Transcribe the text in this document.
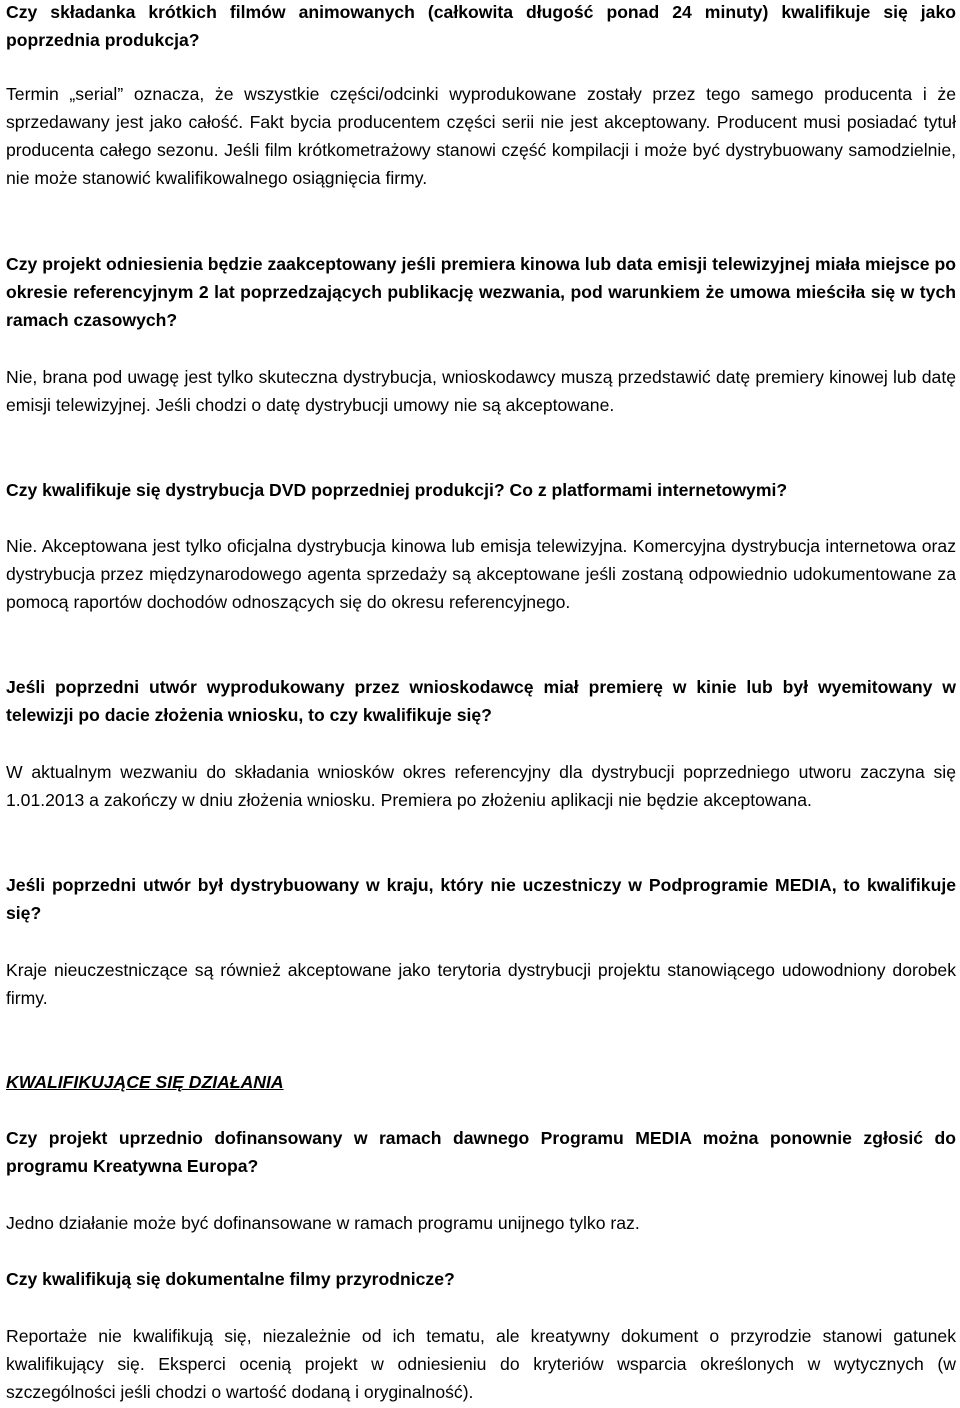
Czy składanka krótkich filmów animowanych (całkowita długość ponad 24 minuty) kwalifikuje się jako poprzednia produkcja?

Termin „serial” oznacza, że wszystkie części/odcinki wyprodukowane zostały przez tego samego producenta i że sprzedawany jest jako całość. Fakt bycia producentem części serii nie jest akceptowany. Producent musi posiadać tytuł producenta całego sezonu. Jeśli film krótkometrażowy stanowi część kompilacji i może być dystrybuowany samodzielnie, nie może stanowić kwalifikowalnego osiągnięcia firmy.

Czy projekt odniesienia będzie zaakceptowany jeśli premiera kinowa lub data emisji telewizyjnej miała miejsce po okresie referencyjnym 2 lat poprzedzających publikację wezwania, pod warunkiem że umowa mieściła się w tych ramach czasowych?

Nie, brana pod uwagę jest tylko skuteczna dystrybucja, wnioskodawcy muszą przedstawić datę premiery kinowej lub datę emisji telewizyjnej. Jeśli chodzi o datę dystrybucji umowy nie są akceptowane.

Czy kwalifikuje się dystrybucja DVD poprzedniej produkcji? Co z platformami internetowymi?

Nie. Akceptowana jest tylko oficjalna dystrybucja kinowa lub emisja telewizyjna. Komercyjna dystrybucja internetowa oraz dystrybucja przez międzynarodowego agenta sprzedaży są akceptowane jeśli zostaną odpowiednio udokumentowane za pomocą raportów dochodów odnoszących się do okresu referencyjnego.

Jeśli poprzedni utwór wyprodukowany przez wnioskodawcę miał premierę w kinie lub był wyemitowany w telewizji po dacie złożenia wniosku, to czy kwalifikuje się?

W aktualnym wezwaniu do składania wniosków okres referencyjny dla dystrybucji poprzedniego utworu zaczyna się 1.01.2013 a zakończy w dniu złożenia wniosku. Premiera po złożeniu aplikacji nie będzie akceptowana.

Jeśli poprzedni utwór był dystrybuowany w kraju, który nie uczestniczy w Podprogramie MEDIA, to kwalifikuje się?

Kraje nieuczestniczące są również akceptowane jako terytoria dystrybucji projektu stanowiącego udowodniony dorobek firmy.

KWALIFIKUJĄCE SIĘ DZIAŁANIA

Czy projekt uprzednio dofinansowany w ramach dawnego Programu MEDIA można ponownie zgłosić do programu Kreatywna Europa?

Jedno działanie może być dofinansowane w ramach programu unijnego tylko raz.

Czy kwalifikują się dokumentalne filmy przyrodnicze?

Reportaże nie kwalifikują się, niezależnie od ich tematu, ale kreatywny dokument o przyrodzie stanowi gatunek kwalifikujący się. Eksperci ocenią projekt w odniesieniu do kryteriów wsparcia określonych w wytycznych (w szczególności jeśli chodzi o wartość dodaną i oryginalność).
